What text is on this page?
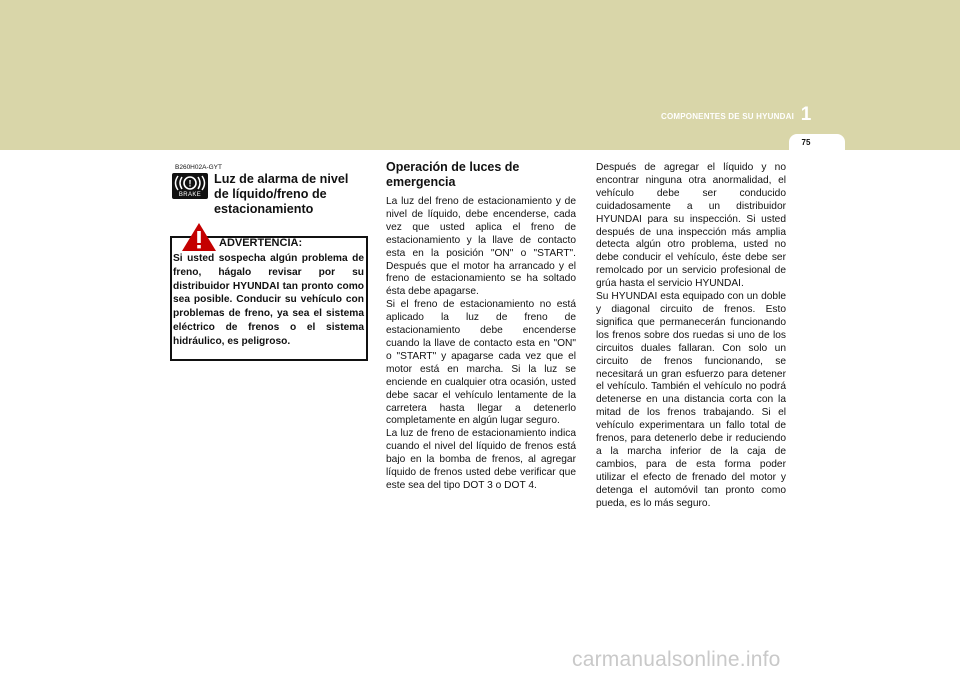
COMPONENTES DE SU HYUNDAI 1
75
B260H02A-GYT
!
BRAKE
Luz de alarma de nivel de líquido/freno de estacionamiento
ADVERTENCIA:
Si usted sospecha algún problema de freno, hágalo revisar por su distribuidor HYUNDAI tan pronto como sea posible. Conducir su vehículo con problemas de freno, ya sea el sistema eléctrico de frenos o el sistema hidráulico, es peligroso.
Operación de luces de emergencia

La luz del freno de estacionamiento y de nivel de líquido, debe encenderse, cada vez que usted aplica el freno de estacionamiento y la llave de contacto esta en la posición "ON" o "START". Después que el motor ha arrancado y el freno de estacionamiento se ha soltado ésta debe apagarse.

Si el freno de estacionamiento no está aplicado la luz de freno de estacionamiento debe encenderse cuando la llave de contacto esta en "ON" o "START" y apagarse cada vez que el motor está en marcha. Si la luz se enciende en cualquier otra ocasión, usted debe sacar el vehículo lentamente de la carretera hasta llegar a detenerlo completamente en algún lugar seguro.

La luz de freno de estacionamiento indica cuando el nivel del líquido de frenos está bajo en la bomba de frenos, al agregar líquido de frenos usted debe verificar que este sea del tipo DOT 3 o DOT 4.

Después de agregar el líquido y no encontrar ninguna otra anormalidad, el vehículo debe ser conducido cuidadosamente a un distribuidor HYUNDAI para su inspección. Si usted después de una inspección más amplia detecta algún otro problema, usted no debe conducir el vehículo, éste debe ser remolcado por un servicio profesional de grúa hasta el servicio HYUNDAI.

Su HYUNDAI esta equipado con un doble y diagonal circuito de frenos. Esto significa que permanecerán funcionando los frenos sobre dos ruedas si uno de los circuitos duales fallaran. Con solo un circuito de frenos funcionando, se necesitará un gran esfuerzo para detener el vehículo. También el vehículo no podrá detenerse en una distancia corta con la mitad de los frenos trabajando. Si el vehículo experimentara un fallo total de frenos, para detenerlo debe ir reduciendo a la marcha inferior de la caja de cambios, para de esta forma poder utilizar el efecto de frenado del motor y detenga el automóvil tan pronto como pueda, es lo más seguro.

carmanualsonline.info
